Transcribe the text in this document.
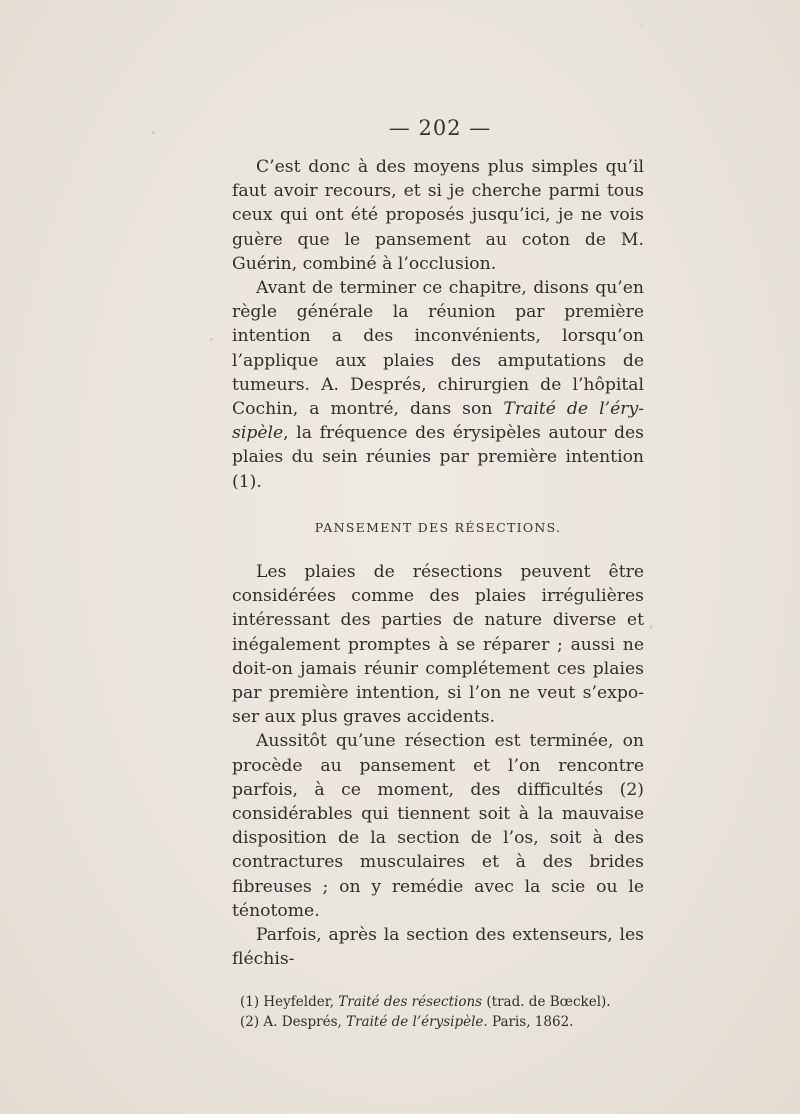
— 202 —

C’est donc à des moyens plus simples qu’il faut avoir recours, et si je cherche parmi tous ceux qui ont été proposés jusqu’ici, je ne vois guère que le pansement au coton de M. Guérin, combiné à l’occlusion.

Avant de terminer ce chapitre, disons qu’en règle générale la réunion par première intention a des inconvénients, lorsqu’on l’applique aux plaies des amputations de tumeurs. A. Després, chirurgien de l’hôpital Cochin, a montré, dans son Traité de l’érysipèle, la fréquence des érysipèles autour des plaies du sein réunies par première intention (1).

PANSEMENT DES RÉSECTIONS.

Les plaies de résections peuvent être considérées comme des plaies irrégulières intéressant des parties de nature diverse et inégalement promptes à se réparer ; aussi ne doit-on jamais réunir complétement ces plaies par première intention, si l’on ne veut s’exposer aux plus graves accidents.

Aussitôt qu’une résection est terminée, on procède au pansement et l’on rencontre parfois, à ce moment, des difficultés (2) considérables qui tiennent soit à la mauvaise disposition de la section de l’os, soit à des contractures musculaires et à des brides fibreuses ; on y remédie avec la scie ou le ténotome.

Parfois, après la section des extenseurs, les fléchis-

(1) Heyfelder, Traité des résections (trad. de Bœckel).

(2) A. Després, Traité de l’érysipèle. Paris, 1862.
